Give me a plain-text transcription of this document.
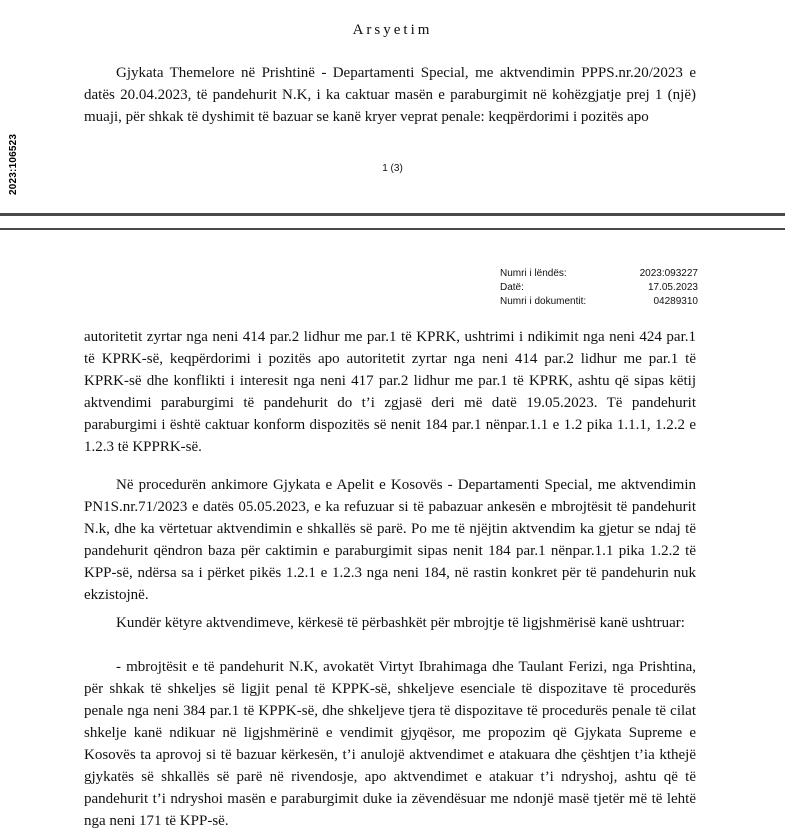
2023:106523
Arsyetim
Gjykata Themelore në Prishtinë - Departamenti Special, me aktvendimin PPPS.nr.20/2023 e datës 20.04.2023, të pandehurit N.K, i ka caktuar masën e paraburgimit në kohëzgjatje prej 1 (një) muaji, për shkak të dyshimit të bazuar se kanë kryer veprat penale: keqpërdorimi i pozitës apo
1 (3)
Numri i lëndës:	2023:093227
Datë:	17.05.2023
Numri i dokumentit:	04289310
autoritetit zyrtar nga neni 414 par.2 lidhur me par.1 të KPRK, ushtrimi i ndikimit nga neni 424 par.1 të KPRK-së, keqpërdorimi i pozitës apo autoritetit zyrtar nga neni 414 par.2 lidhur me par.1 të KPRK-së dhe konflikti i interesit nga neni 417 par.2 lidhur me par.1 të KPRK, ashtu që sipas këtij aktvendimi paraburgimi të pandehurit do t’i zgjasë deri më datë 19.05.2023. Të pandehurit paraburgimi i është caktuar konform dispozitës së nenit 184 par.1 nënpar.1.1 e 1.2 pika 1.1.1, 1.2.2 e 1.2.3 të KPPRK-së.
Në procedurën ankimore Gjykata e Apelit e Kosovës - Departamenti Special, me aktvendimin PN1S.nr.71/2023 e datës 05.05.2023, e ka refuzuar si të pabazuar ankesën e mbrojtësit të pandehurit N.k, dhe ka vërtetuar aktvendimin e shkallës së parë. Po me të njëjtin aktvendim ka gjetur se ndaj të pandehurit qëndron baza për caktimin e paraburgimit sipas nenit 184 par.1 nënpar.1.1 pika 1.2.2 të KPP-së, ndërsa sa i përket pikës 1.2.1 e 1.2.3 nga neni 184, në rastin konkret për të pandehurin nuk ekzistojnë.
Kundër këtyre aktvendimeve, kërkesë të përbashkët për mbrojtje të ligjshmërisë kanë ushtruar:
- mbrojtësit e të pandehurit N.K, avokatët Virtyt Ibrahimaga dhe Taulant Ferizi, nga Prishtina, për shkak të shkeljes së ligjit penal të KPPK-së, shkeljeve esenciale të dispozitave të procedurës penale nga neni 384 par.1 të KPPK-së, dhe shkeljeve tjera të dispozitave të procedurës penale të cilat shkelje kanë ndikuar në ligjshmërinë e vendimit gjyqësor, me propozim që Gjykata Supreme e Kosovës ta aprovoj si të bazuar kërkesën, t’i anulojë aktvendimet e atakuara dhe çështjen t’ia kthejë gjykatës së shkallës së parë në rivendosje, apo aktvendimet e atakuar t’i ndryshoj, ashtu që të pandehurit t’i ndryshoi masën e paraburgimit duke ia zëvendësuar me ndonjë masë tjetër më të lehtë nga neni 171 të KPP-së.
